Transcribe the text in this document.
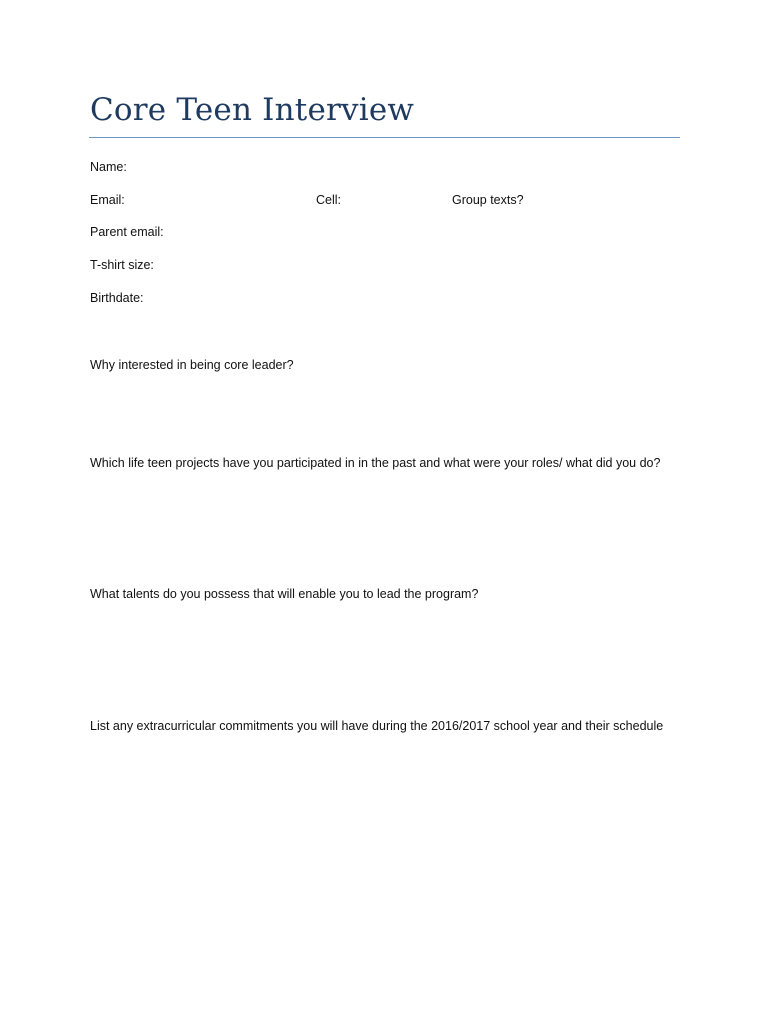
Core Teen Interview
Name:
Email:	Cell:	Group texts?
Parent email:
T-shirt size:
Birthdate:
Why interested in being core leader?
Which life teen projects have you participated in in the past and what were your roles/ what did you do?
What talents do you possess that will enable you to lead the program?
List any extracurricular commitments you will have during the 2016/2017 school year and their schedule
